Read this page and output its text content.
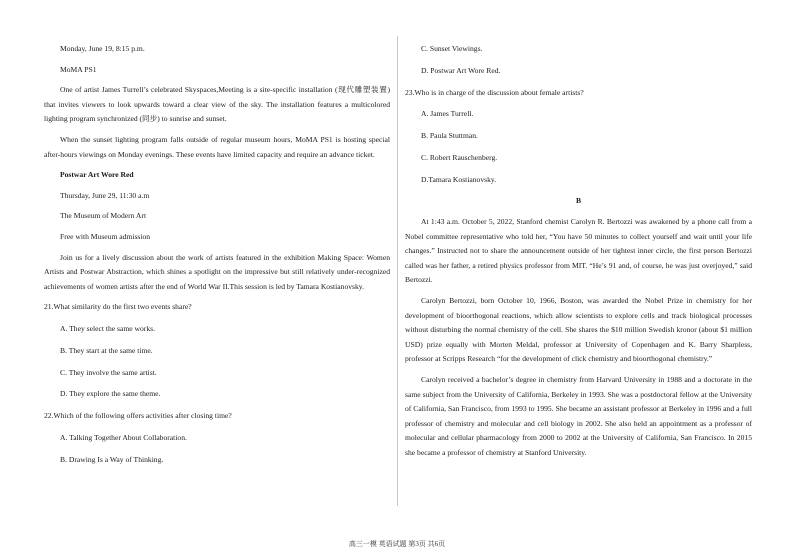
Monday, June 19, 8:15 p.m.

MoMA PS1

One of artist James Turrell’s celebrated Skyspaces,Meeting is a site-specific installation (现代雕塑装置) that invites viewers to look upwards toward a clear view of the sky. The installation features a multicolored lighting program synchronized (同步) to sunrise and sunset.

When the sunset lighting program falls outside of regular museum hours, MoMA PS1 is hosting special after-hours viewings on Monday evenings. These events have limited capacity and require an advance ticket.

Postwar Art Wore Red

Thursday, June 29, 11:30 a.m

The Museum of Modern Art

Free with Museum admission

Join us for a lively discussion about the work of artists featured in the exhibition Making Space: Women Artists and Postwar Abstraction, which shines a spotlight on the impressive but still relatively under-recognized achievements of women artists after the end of World War II.This session is led by Tamara Kostianovsky.

21.What similarity do the first two events share?

A. They select the same works.

B. They start at the same time.

C. They involve the same artist.

D. They explore the same theme.

22.Which of the following offers activities after closing time?

A. Talking Together About Collaboration.

B. Drawing Is a Way of Thinking.

C. Sunset Viewings.

D. Postwar Art Wore Red.

23.Who is in charge of the discussion about female artists?

A. James Turrell.

B. Paula Stuttman.

C. Robert Rauschenberg.

D.Tamara Kostianovsky.

B

At 1:43 a.m. October 5, 2022, Stanford chemist Carolyn R. Bertozzi was awakened by a phone call from a Nobel committee representative who told her, “You have 50 minutes to collect yourself and wait until your life changes.” Instructed not to share the announcement outside of her tightest inner circle, the first person Bertozzi called was her father, a retired physics professor from MIT. “He’s 91 and, of course, he was just overjoyed,” said Bertozzi.

Carolyn Bertozzi, born October 10, 1966, Boston, was awarded the Nobel Prize in chemistry for her development of bioorthogonal reactions, which allow scientists to explore cells and track biological processes without disturbing the normal chemistry of the cell. She shares the $10 million Swedish kronor (about $1 million USD) prize equally with Morten Meldal, professor at University of Copenhagen and K. Barry Sharpless, professor at Scripps Research “for the development of click chemistry and bioorthogonal chemistry.”

Carolyn received a bachelor’s degree in chemistry from Harvard University in 1988 and a doctorate in the same subject from the University of California, Berkeley in 1993. She was a postdoctoral fellow at the University of California, San Francisco, from 1993 to 1995. She became an assistant professor at Berkeley in 1996 and a full professor of chemistry and molecular and cell biology in 2002. She also held an appointment as a professor of molecular and cellular pharmacology from 2000 to 2002 at the University of California, San Francisco. In 2015 she became a professor of chemistry at Stanford University.

高三一模 英语试题 第3页 共6页
